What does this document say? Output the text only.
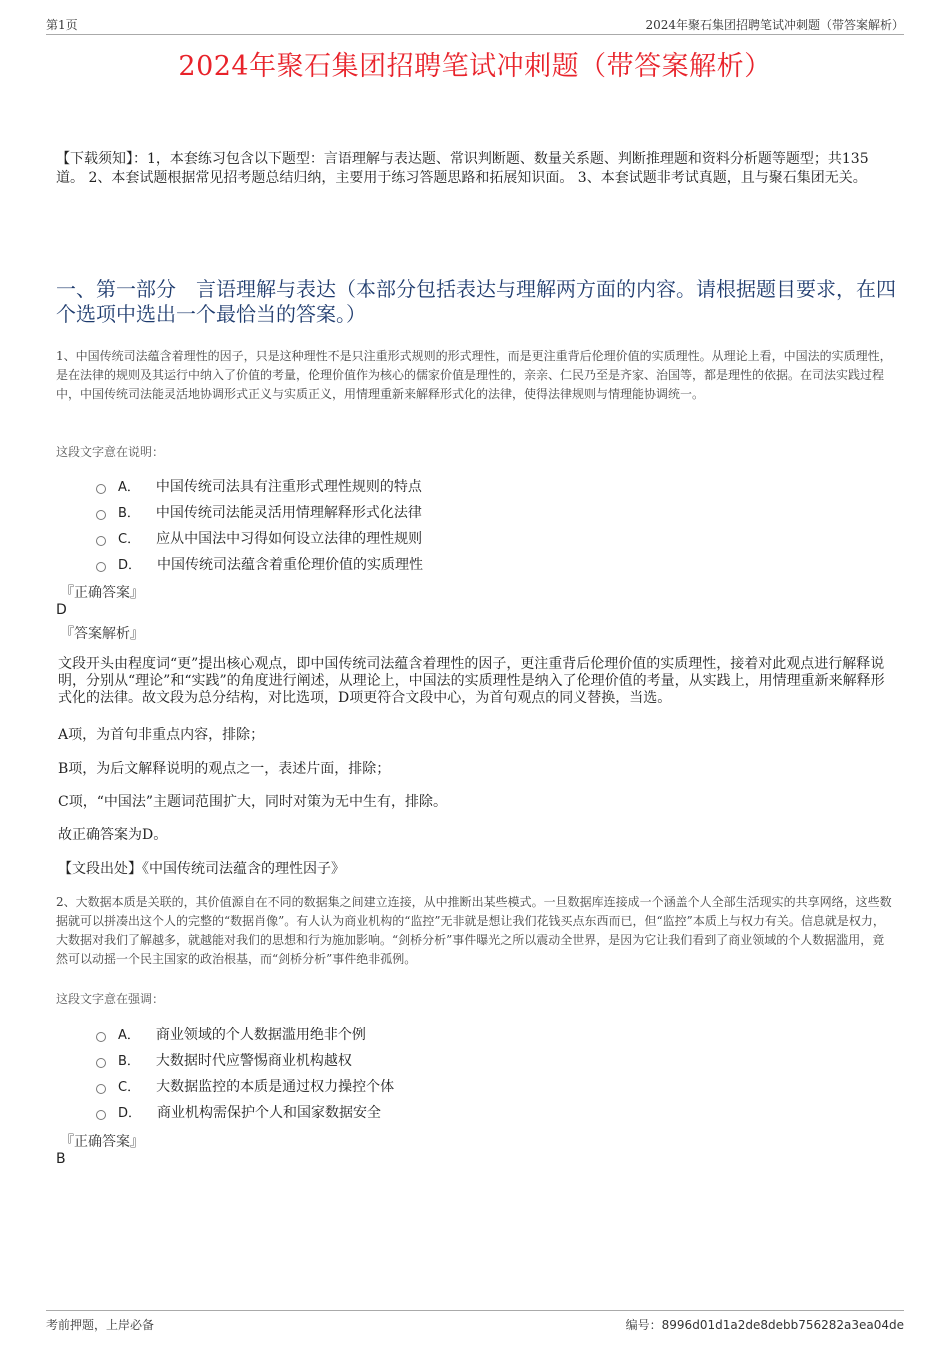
第1页	2024年聚石集团招聘笔试冲刺题（带答案解析）
2024年聚石集团招聘笔试冲刺题（带答案解析）
【下载须知】：1，本套练习包含以下题型：言语理解与表达题、常识判断题、数量关系题、判断推理题和资料分析题等题型；共135道。 2、本套试题根据常见招考题总结归纳，主要用于练习答题思路和拓展知识面。 3、本套试题非考试真题，且与聚石集团无关。
一、第一部分　言语理解与表达（本部分包括表达与理解两方面的内容。请根据题目要求，在四个选项中选出一个最恰当的答案。）
1、中国传统司法蕴含着理性的因子，只是这种理性不是只注重形式规则的形式理性，而是更注重背后伦理价值的实质理性。从理论上看，中国法的实质理性，是在法律的规则及其运行中纳入了价值的考量，伦理价值作为核心的儒家价值是理性的，亲亲、仁民乃至是齐家、治国等，都是理性的依据。在司法实践过程中，中国传统司法能灵活地协调形式正义与实质正义，用情理重新来解释形式化的法律，使得法律规则与情理能协调统一。
这段文字意在说明：
A． 中国传统司法具有注重形式理性规则的特点
B． 中国传统司法能灵活用情理解释形式化法律
C． 应从中国法中习得如何设立法律的理性规则
D． 中国传统司法蕴含着重伦理价值的实质理性
『正确答案』
D
『答案解析』
文段开头由程度词“更”提出核心观点，即中国传统司法蕴含着理性的因子，更注重背后伦理价值的实质理性，接着对此观点进行解释说明，分别从“理论”和“实践”的角度进行阐述，从理论上，中国法的实质理性是纳入了伦理价值的考量，从实践上，用情理重新来解释形式化的法律。故文段为总分结构，对比选项，D项更符合文段中心，为首句观点的同义替换，当选。
A项，为首句非重点内容，排除；
B项，为后文解释说明的观点之一，表述片面，排除；
C项，“中国法”主题词范围扩大，同时对策为无中生有，排除。
故正确答案为D。
【文段出处】《中国传统司法蕴含的理性因子》
2、大数据本质是关联的，其价值源自在不同的数据集之间建立连接，从中推断出某些模式。一旦数据库连接成一个涵盖个人全部生活现实的共享网络，这些数据就可以拼凑出这个人的完整的“数据肖像”。有人认为商业机构的“监控”无非就是想让我们花钱买点东西而已，但“监控”本质上与权力有关。信息就是权力，大数据对我们了解越多，就越能对我们的思想和行为施加影响。“剑桥分析”事件曝光之所以震动全世界，是因为它让我们看到了商业领域的个人数据滥用，竟然可以动摇一个民主国家的政治根基，而“剑桥分析”事件绝非孤例。
这段文字意在强调：
A． 商业领域的个人数据滥用绝非个例
B． 大数据时代应警惕商业机构越权
C． 大数据监控的本质是通过权力操控个体
D． 商业机构需保护个人和国家数据安全
『正确答案』
B
考前押题，上岸必备	编号：8996d01d1a2de8debb756282a3ea04de
